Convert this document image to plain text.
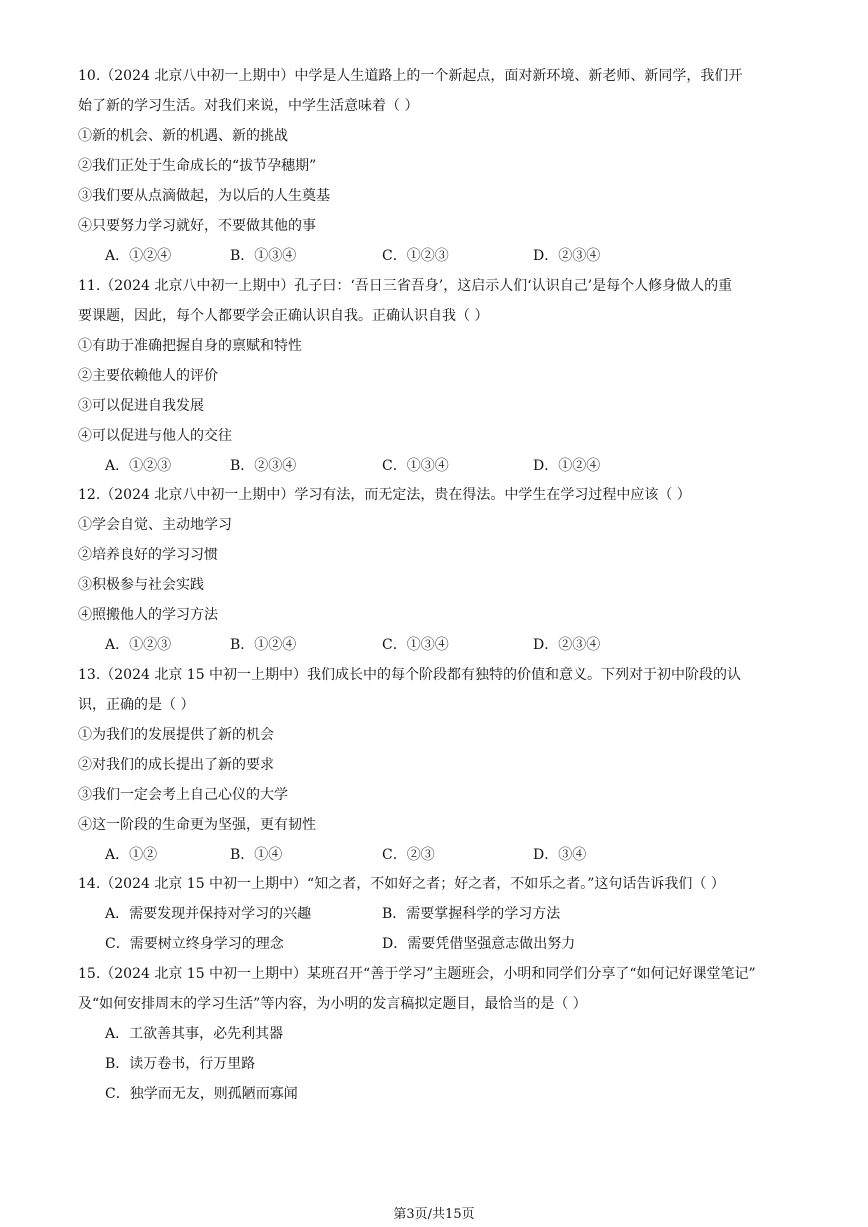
10.（2024 北京八中初一上期中）中学是人生道路上的一个新起点，面对新环境、新老师、新同学，我们开
始了新的学习生活。对我们来说，中学生活意味着（ ）
①新的机会、新的机遇、新的挑战
②我们正处于生命成长的“拔节孕穗期”
③我们要从点滴做起，为以后的人生奠基
④只要努力学习就好，不要做其他的事
A．①②④	B．①③④	C．①②③	D．②③④
11.（2024 北京八中初一上期中）孔子曰：‘吾日三省吾身’，这启示人们‘认识自己’是每个人修身做人的重
要课题，因此，每个人都要学会正确认识自我。正确认识自我（ ）
①有助于准确把握自身的禀赋和特性
②主要依赖他人的评价
③可以促进自我发展
④可以促进与他人的交往
A．①②③	B．②③④	C．①③④	D．①②④
12.（2024 北京八中初一上期中）学习有法，而无定法，贵在得法。中学生在学习过程中应该（ ）
①学会自觉、主动地学习
②培养良好的学习习惯
③积极参与社会实践
④照搬他人的学习方法
A．①②③	B．①②④	C．①③④	D．②③④
13.（2024 北京 15 中初一上期中）我们成长中的每个阶段都有独特的价值和意义。下列对于初中阶段的认
识，正确的是（ ）
①为我们的发展提供了新的机会
②对我们的成长提出了新的要求
③我们一定会考上自己心仪的大学
④这一阶段的生命更为坚强，更有韧性
A．①②	B．①④	C．②③	D．③④
14.（2024 北京 15 中初一上期中）“知之者，不如好之者；好之者，不如乐之者。”这句话告诉我们（ ）
A．需要发现并保持对学习的兴趣	B．需要掌握科学的学习方法
C．需要树立终身学习的理念	D．需要凭借坚强意志做出努力
15.（2024 北京 15 中初一上期中）某班召开“善于学习”主题班会，小明和同学们分享了“如何记好课堂笔记”
及“如何安排周末的学习生活”等内容，为小明的发言稿拟定题目，最恰当的是（ ）
A．工欲善其事，必先利其器
B．读万卷书，行万里路
C．独学而无友，则孤陋而寡闻
第3页/共15页
